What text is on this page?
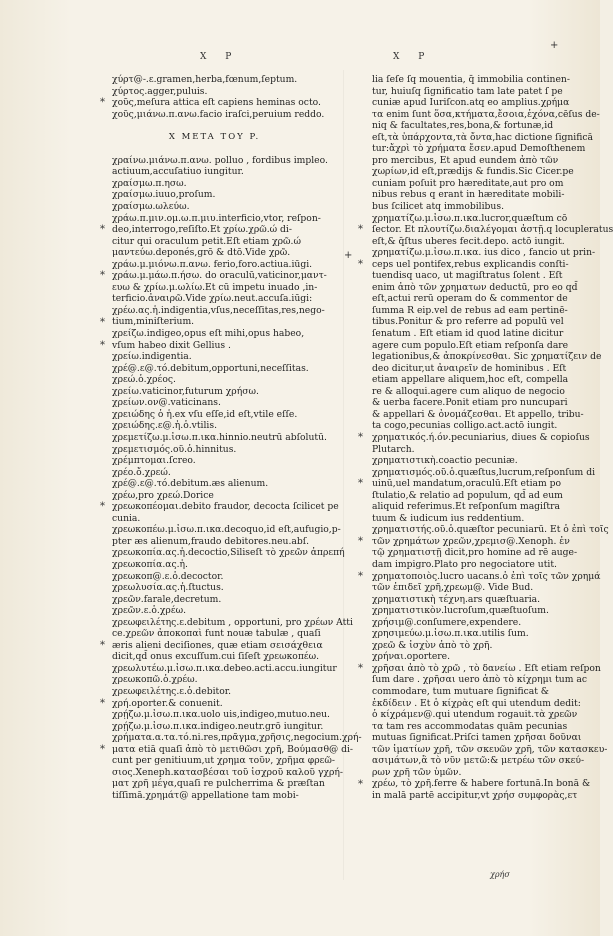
X P	X P
+
+
χύρτ@-.ε.gramen,herba,fœnum,ſeptum.
χύρτος.agger,puluis.
χοῦς,meſura attica eſt capiens heminas octo.
χοῦς,μιάνω.π.ανω.facio iraſci,peruium reddo.
X META TOY P.
χραίνω.μιάνω.π.ανω. polluo , fordibus impleo.
actiuum,accuſatiuo iungitur.
χραίσμω.π.ησω.
χραίσμω.iuuo,proſum.
χραίσμω.ωλεύω.
χράω.π.μιν.ομ.ω.π.μιυ.interficio,vtor, reſpon-
deo,interrogo,reſiſto.Et χρίω.χρῶ.ώ di-
citur qui oraculum petit.Eſt etiam χρῶ.ώ
μαντεύω.deponés,grō & dtō.Vide χρῶ.
χράω.μ.μιόνω.π.ανω. ferio,foro.actiua.iūgi.
χράω.μ.μάω.π.ήσω. do oraculū,vaticinor,μαντ-
ευω & χρίω.μ.ωλίω.Et cū impetu inuado ,in-
terficio.ἀναιρῶ.Vide χρίω.neut.accuſa.iūgi:
χρέω.ας.ἡ.indigentia,vſus,neceſſitas,res,nego-
tium,miniſterium.
χρείζω.indigeo,opus eſt mihi,opus habeo,
vſum habeo dixit Gellius .
χρείω.indigentia.
χρέ@.ε@.τό.debitum,opportuni,neceſſitas.
χρεώ.ὁ.χρέος.
χρείω.vaticinor,futurum χρήσω.
χρείων.ον@.vaticinans.
χρειώδης ὁ ἡ.ex vſu eſſe,id eſt,vtile eſſe.
χρειώδης.ε@.ἡ.ὁ.vtilis.
χρεμετίζω.μ.ἰσω.π.ικα.hinnio.neutrū abſolutū.
χρεμετισμός.οῦ.ὁ.hinnitus.
χρέμπτομαι.ſcreo.
χρέο.ὄ.χρεώ.
χρέ@.ε@.τό.debitum.æs alienum.
χρέω,pro χρεώ.Dorice
χρεωκοπέομαι.debito fraudor, decocta ſcilicet pe
cunia.
χρεωκοπέω.μ.ἰσω.π.ικα.decoquo,id eſt,aufugio,p-
pter æs alienum,fraudo debitores.neu.abſ.
χρεωκοπία.ας.ἡ.decoctio,Siliseſt τὸ χρεῶν ἀπρεπή
χρεωκοπία.ας.ἡ.
χρεωκοπ@.ε.ὁ.decoctor.
χρεωλυσία.ας.ἡ.ſtuctus.
χρεῶν.farale,decretum.
χρεῶν.ε.ὁ.χρέω.
χρεωφειλέτης.ε.debitum , opportuni, pro χρέων Atti
ce.χρεῶν ἀποκοπαὶ funt nouæ tabulæ , quaſi
æris alieni deciſiones, quæ etiam σεισάχθεια
dicit,qd̄ onus excuſſum.cui ſiſeſt χρεωκοπέω.
χρεωλυτέω.μ.ἰσω.π.ικα.debeo.acti.accu.iungitur
χρεωκοπῶ.ὁ.χρέω.
χρεωφειλέτης.ε.ὁ.debitor.
χρή.oporter.& conuenit.
χρῄζω.μ.ἰσω.π.ικα.uolo uis,indigeo,mutuo.neu.
χρῄζω.μ.ἰσω.π.ικα.indigeo.neutr.grō iungitur.
χρήματα.α.τα.τό.ni.res,πρᾶγμα,χρῆσις,negocium.χρή-
ματα etiā quaſi ἀπὸ τὸ μετιθῶσι χρῆ, Βούμασθ@ di-
cunt per genitiuum,ut χρημα τοῦν, χρῆμα φρεῶ-
σιος.Xeneph.κατασβέσαι τοῦ ἰσχροῦ καλοῦ γχρή-
ματ χρῆ μέγα,quaſi re pulcherrima & præſtan
tiſſimā.χρημάτ@ appellatione tam mobi-
lia ſeſe ſq mouentia, q̄ immobilia continen-
tur, huiuſq ſignificatio tam late patet ſ pe
cuniæ apud Iuriſcon.atq eo amplius.χρήμα
τα enim ſunt ὅσα,κτήματα,ἔσοια,ἐχόνα,cēſus de-
niq & facultates,res,bona,& fortunæ,id
eſt,τὰ ὑπάρχοντα,τὰ ὄντα,hac dictione ſignificā
tur:ἄχρὶ τὸ χρήματα ἔσεν.apud Demoſthenem
pro mercibus, Et apud eundem ἀπὸ τῶν
χωρίων,id eſt,prædijs & fundis.Sic Cicer.pe
cuniam poſuit pro hæreditate,aut pro om
nibus rebus q erant in hæreditate mobili-
bus ſcilicet atq immobilibus.
χρηματίζω.μ.ἰσω.π.ικα.lucror,quæſtum cō
ſector. Et πλουτίζω.διαλέγομαι ἀστῇ.q locupleratus
eſt,& q̄ſtus uberes fecit.depo. actō iungit.
χρηματίζω.μ.ἰσω.π.ικα. ius dico , fancio ut prin-
ceps uel pontifex,rebus explicandis conſti-
tuendisq uaco, ut magiſtratus ſolent . Eſt
enim ἀπὸ τῶν χρηματων deductū, pro eo qd̄
eſt,actui rerū operam do & commentor de
ſumma R eip.vel de rebus ad eam pertinē-
tibus.Ponitur & pro referre ad populū vel
ſenatum . Eſt etiam id quod latine dicitur
agere cum populo.Eſt etiam reſponſa dare
legationibus,& ἀποκρίνεσθαι. Sic χρηματίζειν de
deo dicitur,ut ἀναιρεῖν de hominibus . Eſt
etiam appellare aliquem,hoc eſt, compella
re & alloqui.agere cum aliquo de negocio
& uerba facere.Ponit etiam pro nuncupari
& appellari & ὀνομάζεσθαι. Et appello, tribu-
ta cogo,pecunias colligo.act.actō iungit.
χρηματικός.ή.όν.pecuniarius, diues & copioſus
Plutarch.
χρηματιστικὴ.coactio pecuniæ.
χρηματισμός.οῦ.ὁ.quæſtus,lucrum,reſponſum di
uinū,uel mandatum,oraculū.Eſt etiam po
ſtulatio,& relatio ad populum, qd̄ ad eum
aliquid referimus.Et reſponſum magiſtra
tuum & iudicum ius reddentium.
χρηματιστής.οῦ.ὁ.quæſtor pecuniarū. Et ὁ ἐπὶ τοῖς
τῶν χρημάτων χρεῶν,χρεμισ@.Xenoph. ἐν
τῷ χρηματιστῇ dicit,pro homine ad rē auge-
dam impigro.Plato pro negociatore utit.
χρηματοποιὸς.lucro uacans.ὁ ἐπὶ τοῖς τῶν χρημά
τῶν ἐπιδεῖ χρῆ,χρεωμ@. Vide Bud.
χρηματιστικὴ τέχνη.ars quæſtuaria.
χρηματιστικὸν.lucroſum,quæſtuoſum.
χρήσιμ@.conſumere,expendere.
χρησιμεύω.μ.ἰσω.π.ικα.utilis ſum.
χρεῶ & ἰσχὺν ἀπὸ τὸ χρῆ.
χρήναι.oportere.
χρῆσαι ἀπὸ τὸ χρῶ , τὸ δανείω . Eſt etiam reſpon
ſum dare . χρῆσαι uero ἀπὸ τὸ κίχρημι tum ac
commodare, tum mutuare ſignificat &
ἐκδίδειν . Et ὁ κίχρὰς eſt qui utendum dedit:
ὁ κίχράμεν@.qui utendum rogauit.τὰ χρεῶν
τα tam res accommodatas quām pecunias
mutuas ſignificat.Priſci tamen χρῆσαι δοῦναι
τῶν ἰματίων χρῆ, τῶν σκευῶν χρῆ, τῶν κατασκευ-
ασιμάτων,ἃ τὸ νῦν μετῶ:& μετρέω τῶν σκεύ-
ρων χρῆ τῶν ὑμῶν.
χρέω, τὸ χρῆ.ferre & habere fortunā.In bonā &
in malā partē accipitur,vt χρήσ συμφορὰς,ετ
χρήσ
*
*
*
*
*
*
*
*
*
*
*
*
*
*
*
*
*
